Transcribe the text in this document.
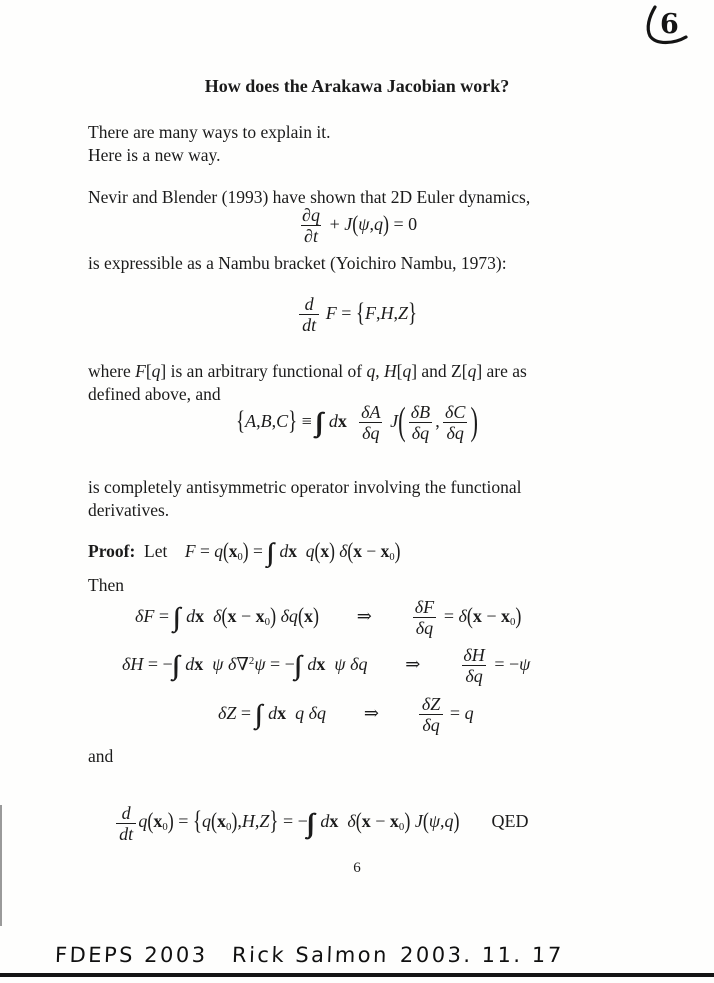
6
How does the Arakawa Jacobian work?
There are many ways to explain it.
Here is a new way.
Nevir and Blender (1993) have shown that 2D Euler dynamics,
$\frac{\partial q}{\partial t} + J(\psi,q) = 0$
is expressible as a Nambu bracket (Yoichiro Nambu, 1973):
$\frac{d}{dt}$ F = {F,H,Z}
where F[q] is an arbitrary functional of q, H[q] and Z[q] are as
defined above, and
{A,B,C} ≡  dx $\frac{\delta A}{\delta q} J( \frac{\delta B}{\delta q}$ , $\frac{\delta C}{\delta q}$ )
is completely antisymmetric operator involving the functional
derivatives.
Proof:  Let    F = q(x0) =  dx q(x) δ(x − x0)
Then
δF =  dx δ(x − x0) δq(x) ⇒ $\frac{\delta F}{\delta q} = \delta(x - x0)$
δH = − dx ψ δ∇$^2$ψ = − dx ψ δq ⇒ $\frac{\delta H}{\delta q} = -\psi$
δZ =  dx q δq ⇒ $\frac{\delta Z}{\delta q} = q$
and

$\frac{d}{dt} q(x0) = \{q(x0),H,Z\}$ = − dx δ(x − x0) J(ψ,q) QED

6
FDEPS 2003 Rick Salmon 2003. 11. 17
